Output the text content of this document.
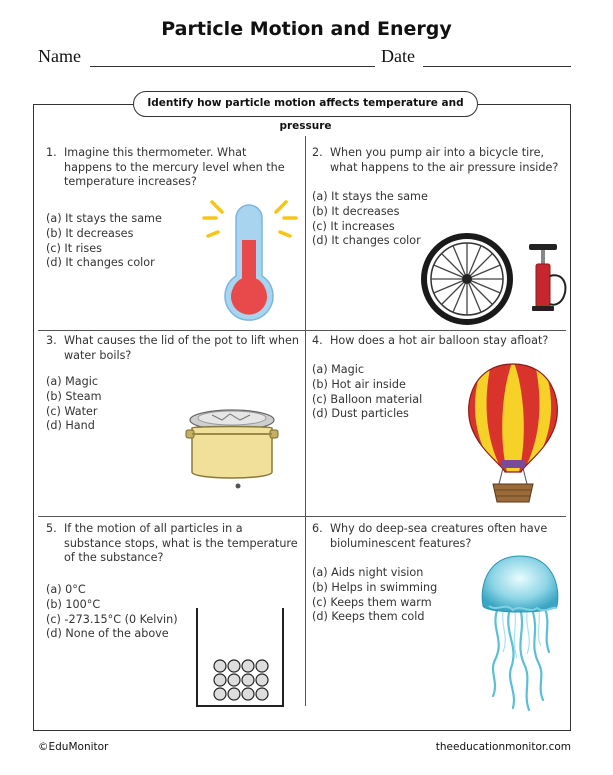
Particle Motion and Energy
Name	Date
Identify how particle motion affects temperature and pressure
1. Imagine this thermometer. What
happens to the mercury level when the
temperature increases?
(a) It stays the same
(b) It decreases
(c) It rises
(d) It changes color
2. When you pump air into a bicycle tire,
what happens to the air pressure inside?
(a) It stays the same
(b) It decreases
(c) It increases
(d) It changes color
3. What causes the lid of the pot to lift when
water boils?
(a) Magic
(b) Steam
(c) Water
(d) Hand
4. How does a hot air balloon stay afloat?
(a) Magic
(b) Hot air inside
(c) Balloon material
(d) Dust particles
5. If the motion of all particles in a
substance stops, what is the temperature
of the substance?
(a) 0°C
(b) 100°C
(c) -273.15°C (0 Kelvin)
(d) None of the above
6. Why do deep-sea creatures often have
bioluminescent features?
(a) Aids night vision
(b) Helps in swimming
(c) Keeps them warm
(d) Keeps them cold
©EduMonitor	theeducationmonitor.com
